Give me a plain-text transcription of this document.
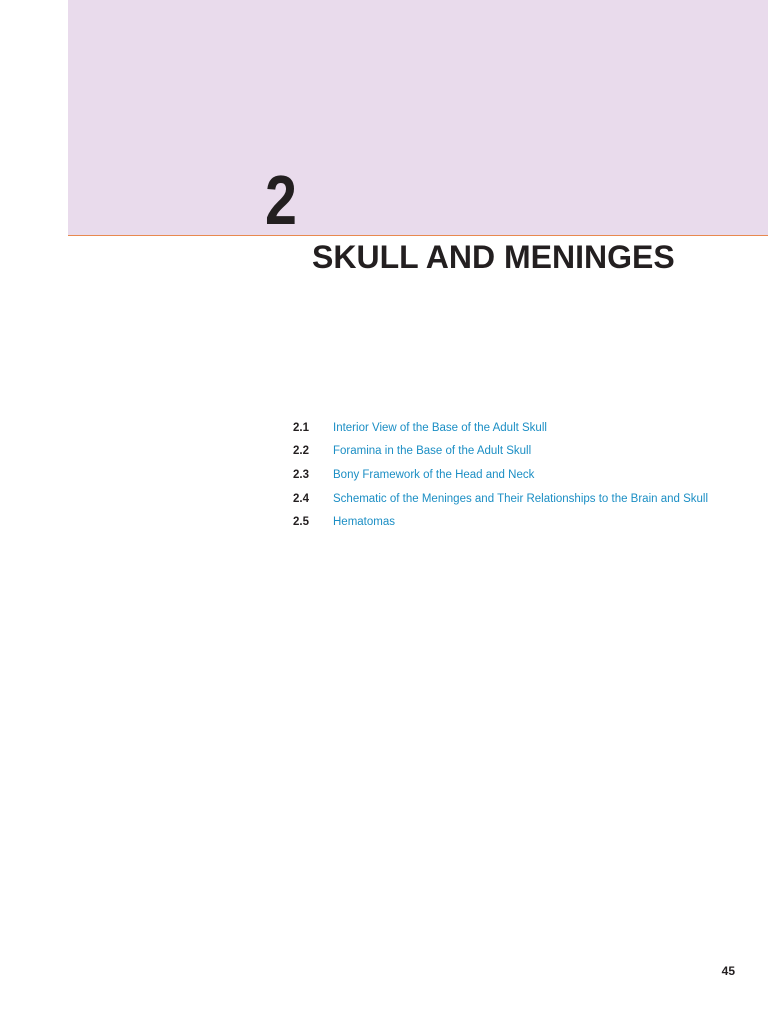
2
SKULL AND MENINGES
2.1	Interior View of the Base of the Adult Skull
2.2	Foramina in the Base of the Adult Skull
2.3	Bony Framework of the Head and Neck
2.4	Schematic of the Meninges and Their Relationships to the Brain and Skull
2.5	Hematomas
45
